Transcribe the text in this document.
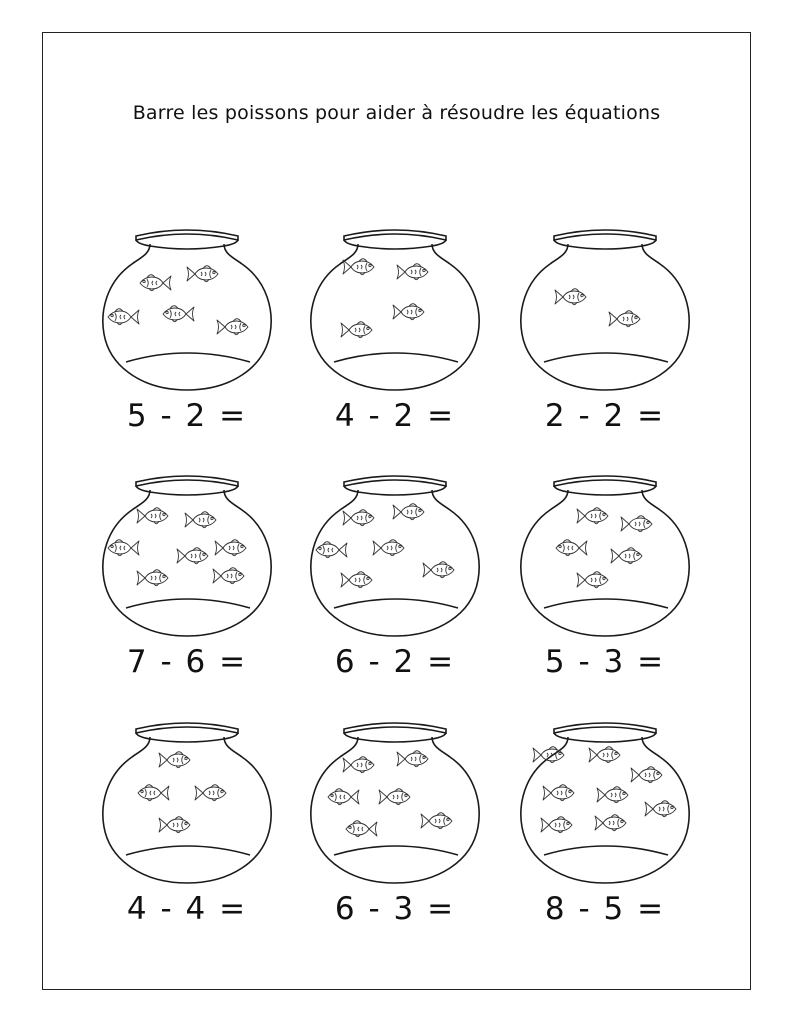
Barre les poissons pour aider à résoudre les équations
5 - 2 =	4 - 2 =	2 - 2 =
7 - 6 =	6 - 2 =	5 - 3 =
4 - 4 =	6 - 3 =	8 - 5 =
